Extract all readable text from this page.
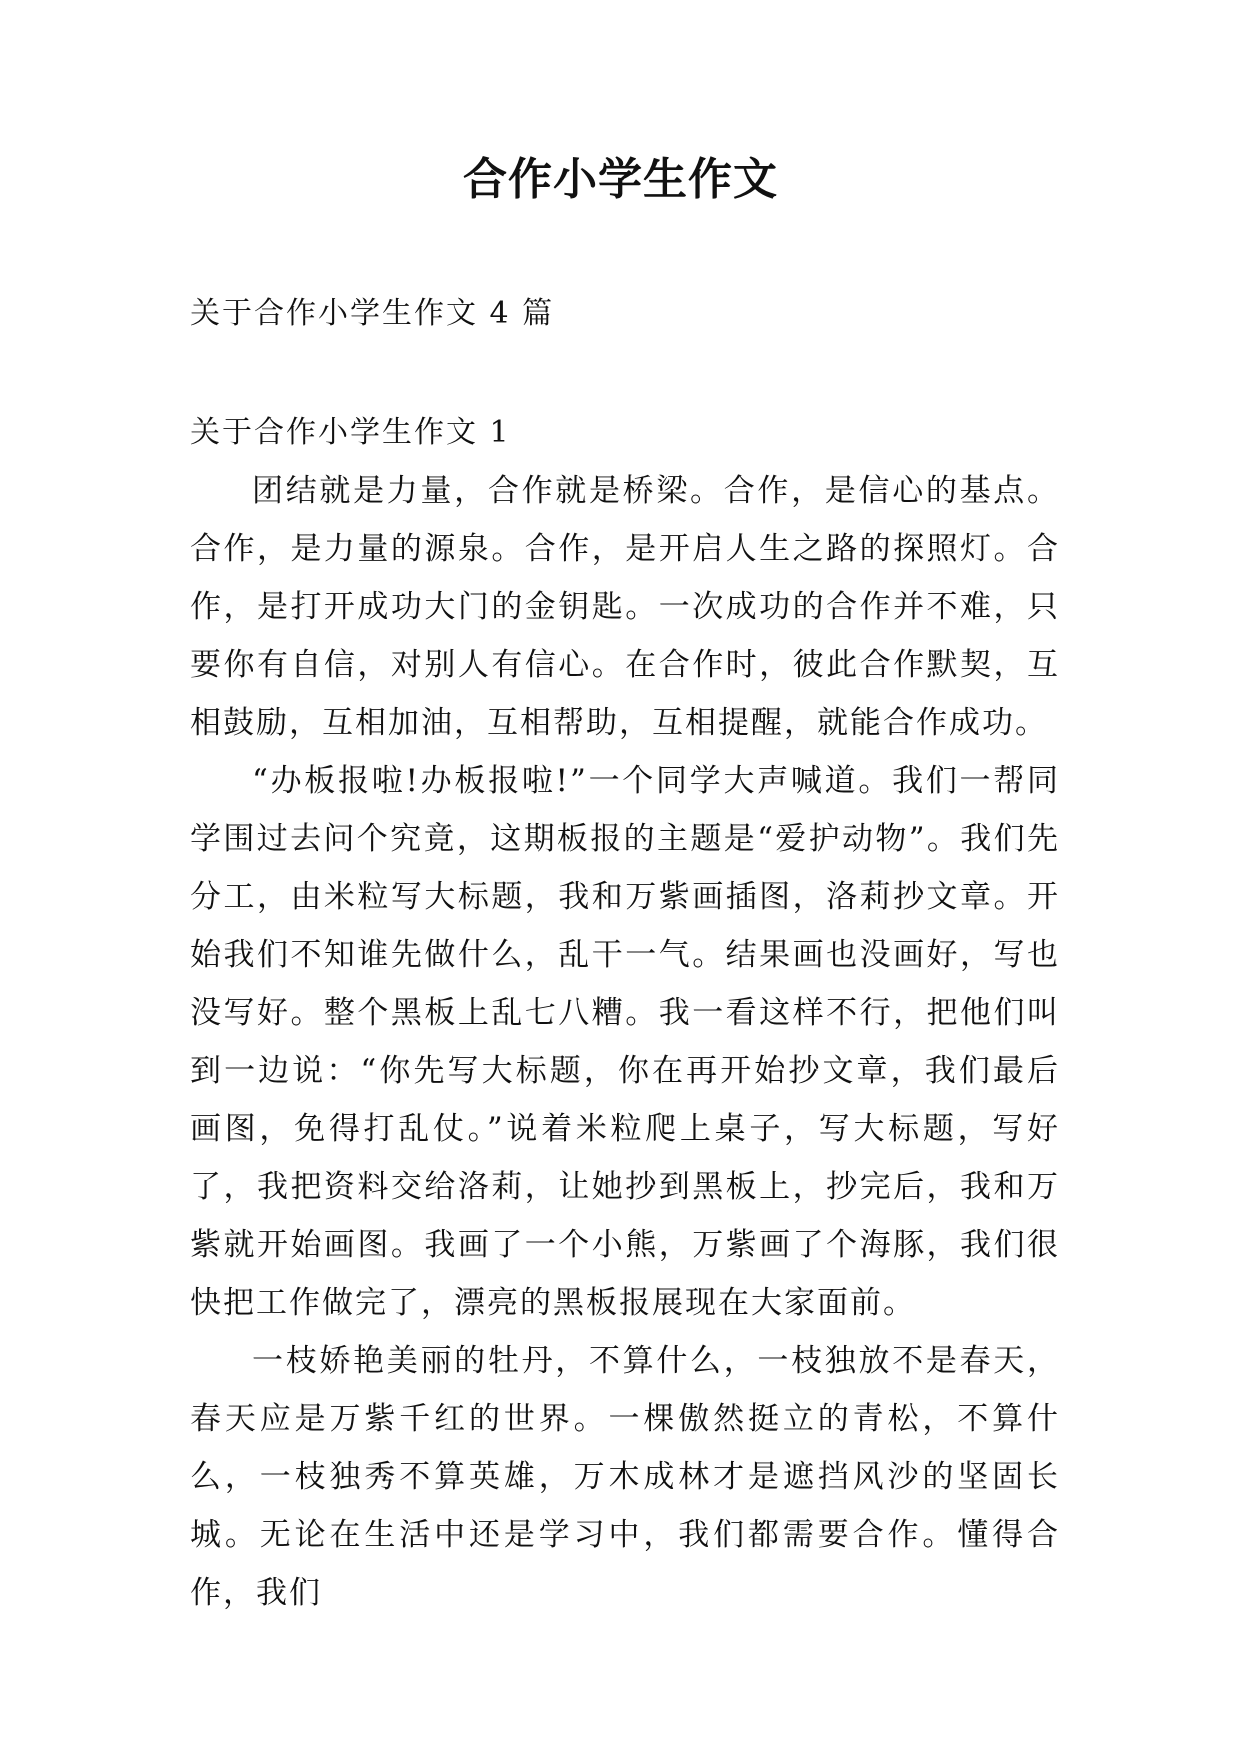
合作小学生作文

关于合作小学生作文 4 篇

关于合作小学生作文 1

团结就是力量，合作就是桥梁。合作，是信心的基点。合作，是力量的源泉。合作，是开启人生之路的探照灯。合作，是打开成功大门的金钥匙。一次成功的合作并不难，只要你有自信，对别人有信心。在合作时，彼此合作默契，互相鼓励，互相加油，互相帮助，互相提醒，就能合作成功。

“办板报啦!办板报啦!”一个同学大声喊道。我们一帮同学围过去问个究竟，这期板报的主题是“爱护动物”。我们先分工，由米粒写大标题，我和万紫画插图，洛莉抄文章。开始我们不知谁先做什么，乱干一气。结果画也没画好，写也没写好。整个黑板上乱七八糟。我一看这样不行，把他们叫到一边说：“你先写大标题，你在再开始抄文章，我们最后画图，免得打乱仗。”说着米粒爬上桌子，写大标题，写好了，我把资料交给洛莉，让她抄到黑板上，抄完后，我和万紫就开始画图。我画了一个小熊，万紫画了个海豚，我们很快把工作做完了，漂亮的黑板报展现在大家面前。

一枝娇艳美丽的牡丹，不算什么，一枝独放不是春天，春天应是万紫千红的世界。一棵傲然挺立的青松，不算什么，一枝独秀不算英雄，万木成林才是遮挡风沙的坚固长城。无论在生活中还是学习中，我们都需要合作。懂得合作，我们
